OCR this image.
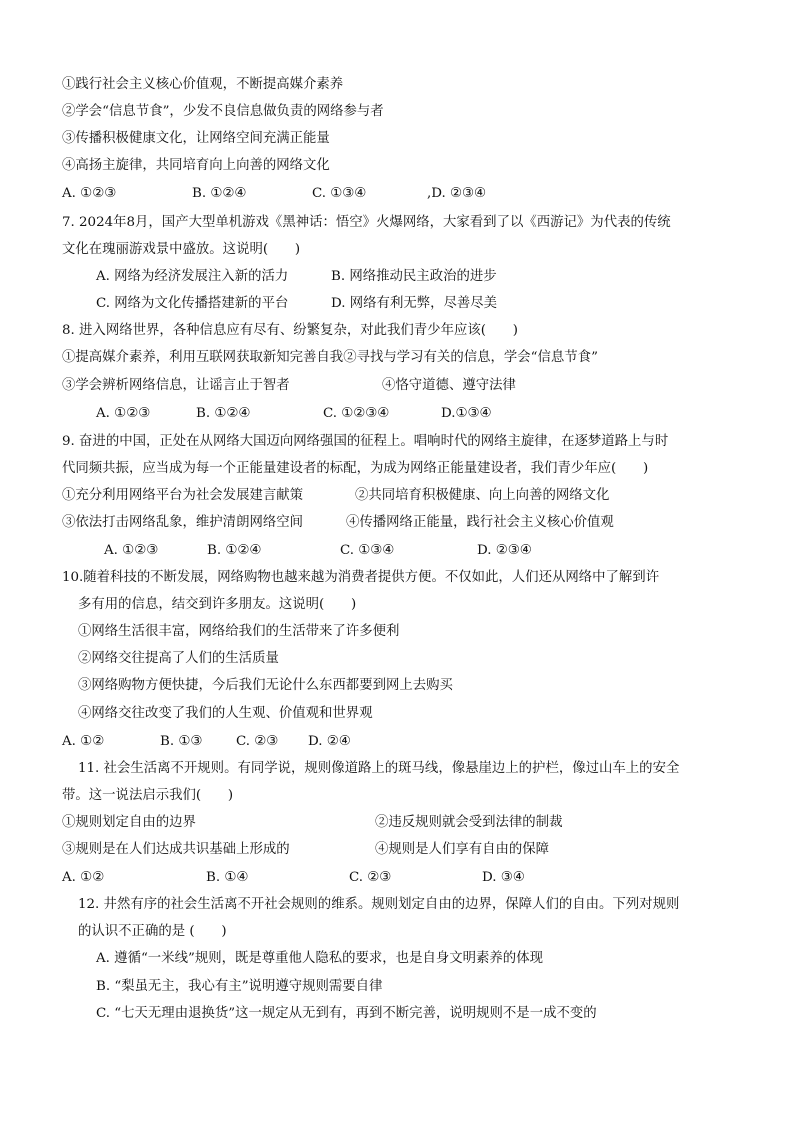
①践行社会主义核心价值观，不断提高媒介素养
②学会“信息节食”，少发不良信息做负责的网络参与者
③传播积极健康文化，让网络空间充满正能量
④高扬主旋律，共同培育向上向善的网络文化
A. ①②③	B. ①②④	C. ①③④	,D. ②③④
7. 2024年8月，国产大型单机游戏《黑神话：悟空》火爆网络，大家看到了以《西游记》为代表的传统
文化在瑰丽游戏景中盛放。这说明(　　)
A. 网络为经济发展注入新的活力	B. 网络推动民主政治的进步
C. 网络为文化传播搭建新的平台	D. 网络有利无弊，尽善尽美
8. 进入网络世界，各种信息应有尽有、纷繁复杂，对此我们青少年应该(　　)
①提高媒介素养，利用互联网获取新知完善自我②寻找与学习有关的信息，学会“信息节食”
③学会辨析网络信息，让谣言止于智者	④恪守道德、遵守法律
A. ①②③	B. ①②④	C. ①②③④	D.①③④
9. 奋进的中国，正处在从网络大国迈向网络强国的征程上。唱响时代的网络主旋律，在逐梦道路上与时
代同频共振，应当成为每一个正能量建设者的标配，为成为网络正能量建设者，我们青少年应(　　)
①充分利用网络平台为社会发展建言献策	②共同培育积极健康、向上向善的网络文化
③依法打击网络乱象，维护清朗网络空间	④传播网络正能量，践行社会主义核心价值观
A. ①②③	B. ①②④	C. ①③④	D. ②③④
10.随着科技的不断发展，网络购物也越来越为消费者提供方便。不仅如此，人们还从网络中了解到许
多有用的信息，结交到许多朋友。这说明(　　)
①网络生活很丰富，网络给我们的生活带来了许多便利
②网络交往提高了人们的生活质量
③网络购物方便快捷，今后我们无论什么东西都要到网上去购买
④网络交往改变了我们的人生观、价值观和世界观
A. ①②	B. ①③	C. ②③ D. ②④
11. 社会生活离不开规则。有同学说，规则像道路上的斑马线，像悬崖边上的护栏，像过山车上的安全
带。这一说法启示我们(　　)
①规则划定自由的边界	②违反规则就会受到法律的制裁
③规则是在人们达成共识基础上形成的	④规则是人们享有自由的保障
A. ①②	B. ①④	C. ②③	D. ③④
12. 井然有序的社会生活离不开社会规则的维系。规则划定自由的边界，保障人们的自由。下列对规则
的认识不正确的是 (　　)
A. 遵循“一米线”规则，既是尊重他人隐私的要求，也是自身文明素养的体现
B. “梨虽无主，我心有主”说明遵守规则需要自律
C. “七天无理由退换货”这一规定从无到有，再到不断完善，说明规则不是一成不变的
